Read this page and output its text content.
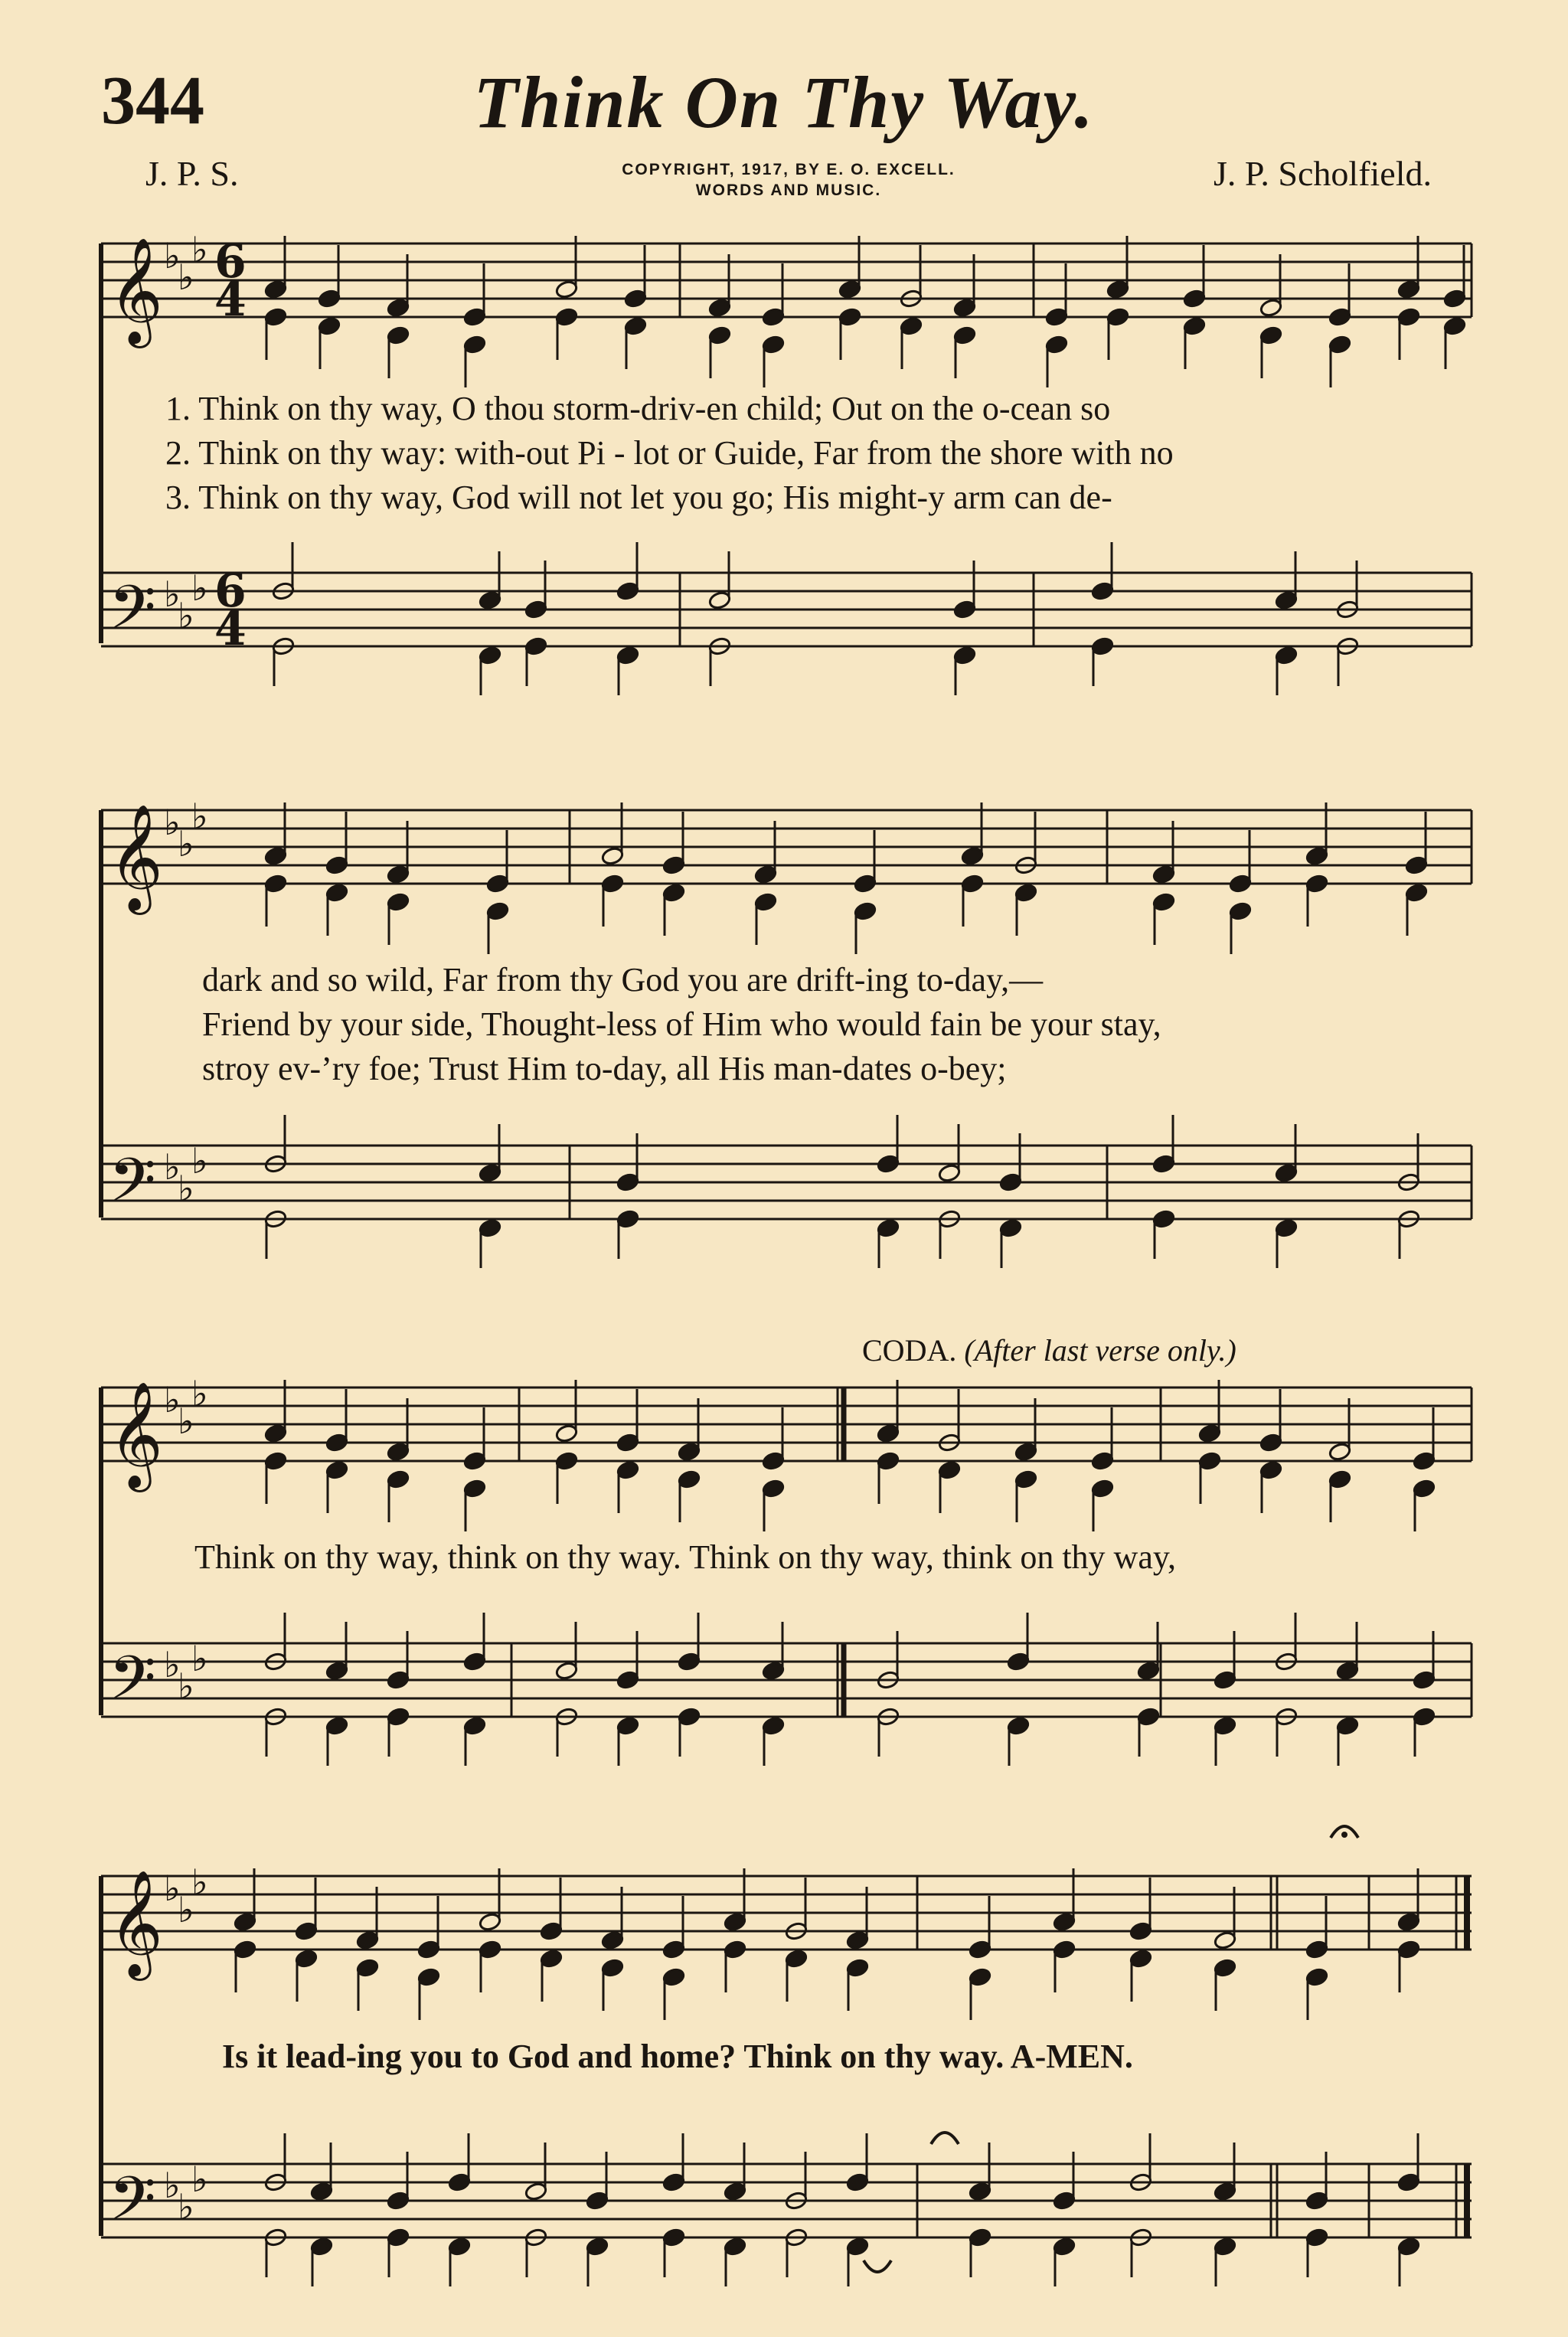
344	Think On Thy Way.
J. P. S.	COPYRIGHT, 1917, BY E. O. EXCELL.
WORDS AND MUSIC.	J. P. Scholfield.
𝄞
𝄢
𝄞
𝄢
𝄞
𝄢
𝄞
𝄢
♭
♭
♭
♭
♭
♭
♭
♭
♭
♭
♭
♭
♭
♭
♭
♭
♭
♭
♭
♭
♭
♭
♭
♭
6
4
6
4
1. Think on thy way, O thou storm-driv-en child; Out on the o-cean so
2. Think on thy way: with-out Pi - lot or Guide, Far from the shore with no
3. Think on thy way, God will not let you go; His might-y arm can de-
dark and so wild, Far from thy God you are drift-ing to-day,—
Friend by your side, Thought-less of Him who would fain be your stay,
stroy ev-’ry foe; Trust Him to-day, all His man-dates o-bey;
CODA. (After last verse only.)
Think on thy way, think on thy way. Think on thy way, think on thy way,
Is it lead-ing you to God and home? Think on thy way. A-MEN.
